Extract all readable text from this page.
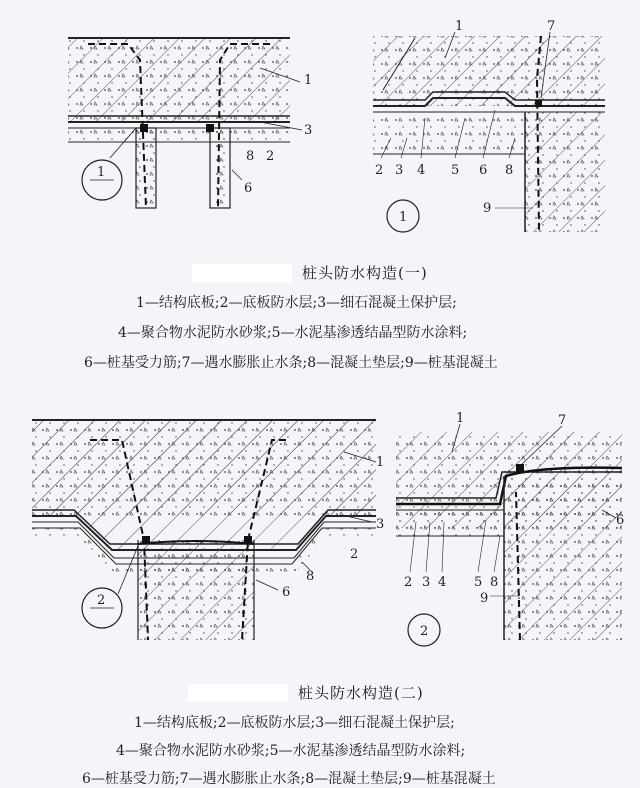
1
1
3
8 2
6
1	7
2 3 4 5 6 8
9
1
桩头防水构造(一)
1—结构底板;2—底板防水层;3—细石混凝土保护层;
4—聚合物水泥防水砂浆;5—水泥基渗透结晶型防水涂料;
6—桩基受力筋;7—遇水膨胀止水条;8—混凝土垫层;9—桩基混凝土
2
1
3
2
8
6
1	7
6
2 3 4 5 8
9
2
桩头防水构造(二)
1—结构底板;2—底板防水层;3—细石混凝土保护层;
4—聚合物水泥防水砂浆;5—水泥基渗透结晶型防水涂料;
6—桩基受力筋;7—遇水膨胀止水条;8—混凝土垫层;9—桩基混凝土
